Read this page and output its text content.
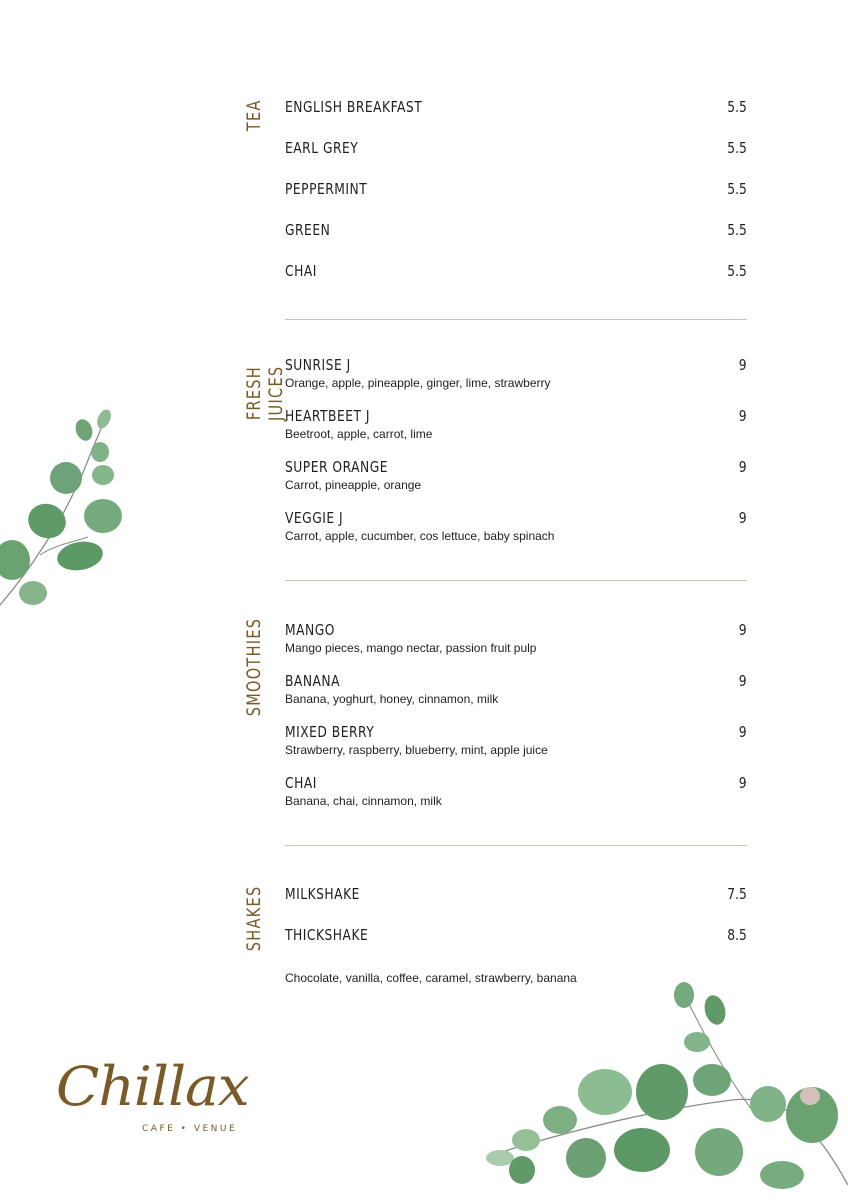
TEA	ENGLISH BREAKFAST	5.5
EARL GREY	5.5
PEPPERMINT	5.5
GREEN	5.5
CHAI	5.5
FRESH JUICES
SUNRISE J	9
Orange, apple, pineapple, ginger, lime, strawberry
HEARTBEET J	9
Beetroot, apple, carrot, lime
SUPER ORANGE	9
Carrot, pineapple, orange
VEGGIE J	9
Carrot, apple, cucumber, cos lettuce, baby spinach
SMOOTHIES	MANGO	9
Mango pieces, mango nectar, passion fruit pulp
BANANA	9
Banana, yoghurt, honey, cinnamon, milk
MIXED BERRY	9
Strawberry, raspberry, blueberry, mint, apple juice
CHAI	9
Banana, chai, cinnamon, milk
SHAKES	MILKSHAKE	7.5
THICKSHAKE	8.5
Chocolate, vanilla, coffee, caramel, strawberry, banana
Chillax
CAFE • VENUE
